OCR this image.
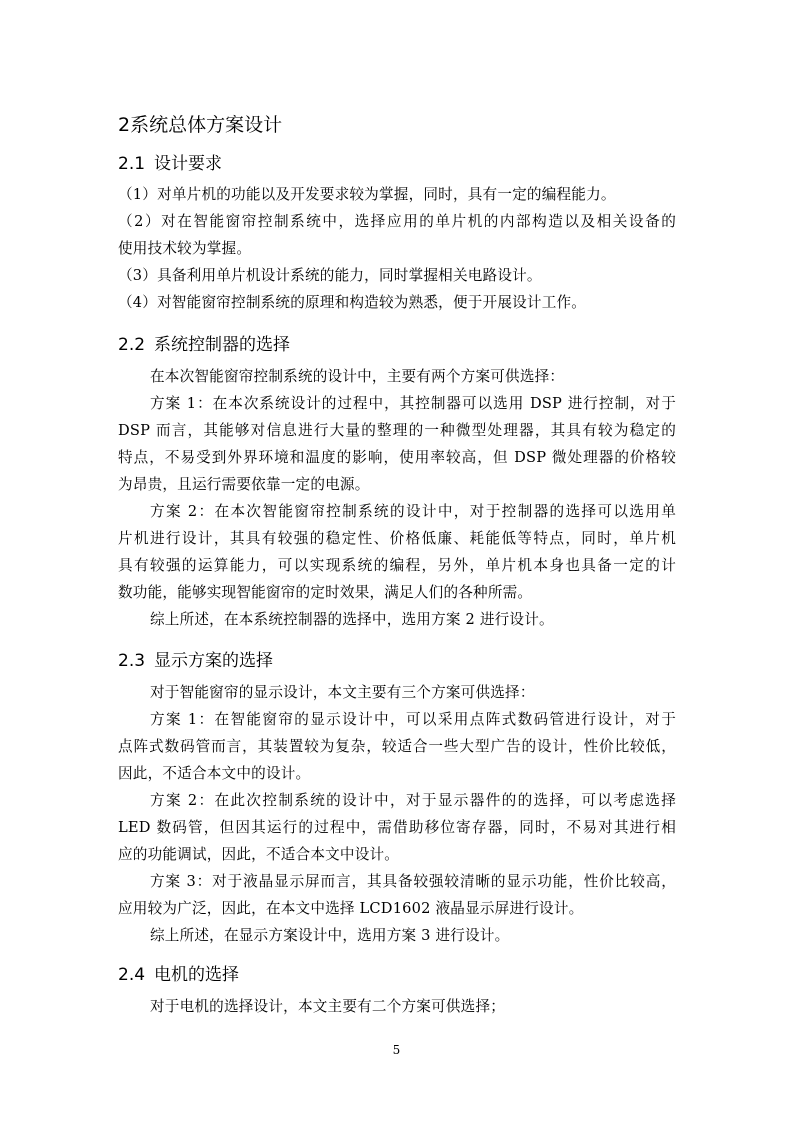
2系统总体方案设计
2.1 设计要求
（1）对单片机的功能以及开发要求较为掌握，同时，具有一定的编程能力。
（2）对在智能窗帘控制系统中，选择应用的单片机的内部构造以及相关设备的
使用技术较为掌握。
（3）具备利用单片机设计系统的能力，同时掌握相关电路设计。
（4）对智能窗帘控制系统的原理和构造较为熟悉，便于开展设计工作。
2.2 系统控制器的选择
在本次智能窗帘控制系统的设计中，主要有两个方案可供选择：
方案 1：在本次系统设计的过程中，其控制器可以选用 DSP 进行控制，对于
DSP 而言，其能够对信息进行大量的整理的一种微型处理器，其具有较为稳定的
特点，不易受到外界环境和温度的影响，使用率较高，但 DSP 微处理器的价格较
为昂贵，且运行需要依靠一定的电源。
方案 2：在本次智能窗帘控制系统的设计中，对于控制器的选择可以选用单
片机进行设计，其具有较强的稳定性、价格低廉、耗能低等特点，同时，单片机
具有较强的运算能力，可以实现系统的编程，另外，单片机本身也具备一定的计
数功能，能够实现智能窗帘的定时效果，满足人们的各种所需。
综上所述，在本系统控制器的选择中，选用方案 2 进行设计。
2.3 显示方案的选择
对于智能窗帘的显示设计，本文主要有三个方案可供选择：
方案 1：在智能窗帘的显示设计中，可以采用点阵式数码管进行设计，对于
点阵式数码管而言，其装置较为复杂，较适合一些大型广告的设计，性价比较低，
因此，不适合本文中的设计。
方案 2：在此次控制系统的设计中，对于显示器件的的选择，可以考虑选择
LED 数码管，但因其运行的过程中，需借助移位寄存器，同时，不易对其进行相
应的功能调试，因此，不适合本文中设计。
方案 3：对于液晶显示屏而言，其具备较强较清晰的显示功能，性价比较高，
应用较为广泛，因此，在本文中选择 LCD1602 液晶显示屏进行设计。
综上所述，在显示方案设计中，选用方案 3 进行设计。
2.4 电机的选择
对于电机的选择设计，本文主要有二个方案可供选择；
5
